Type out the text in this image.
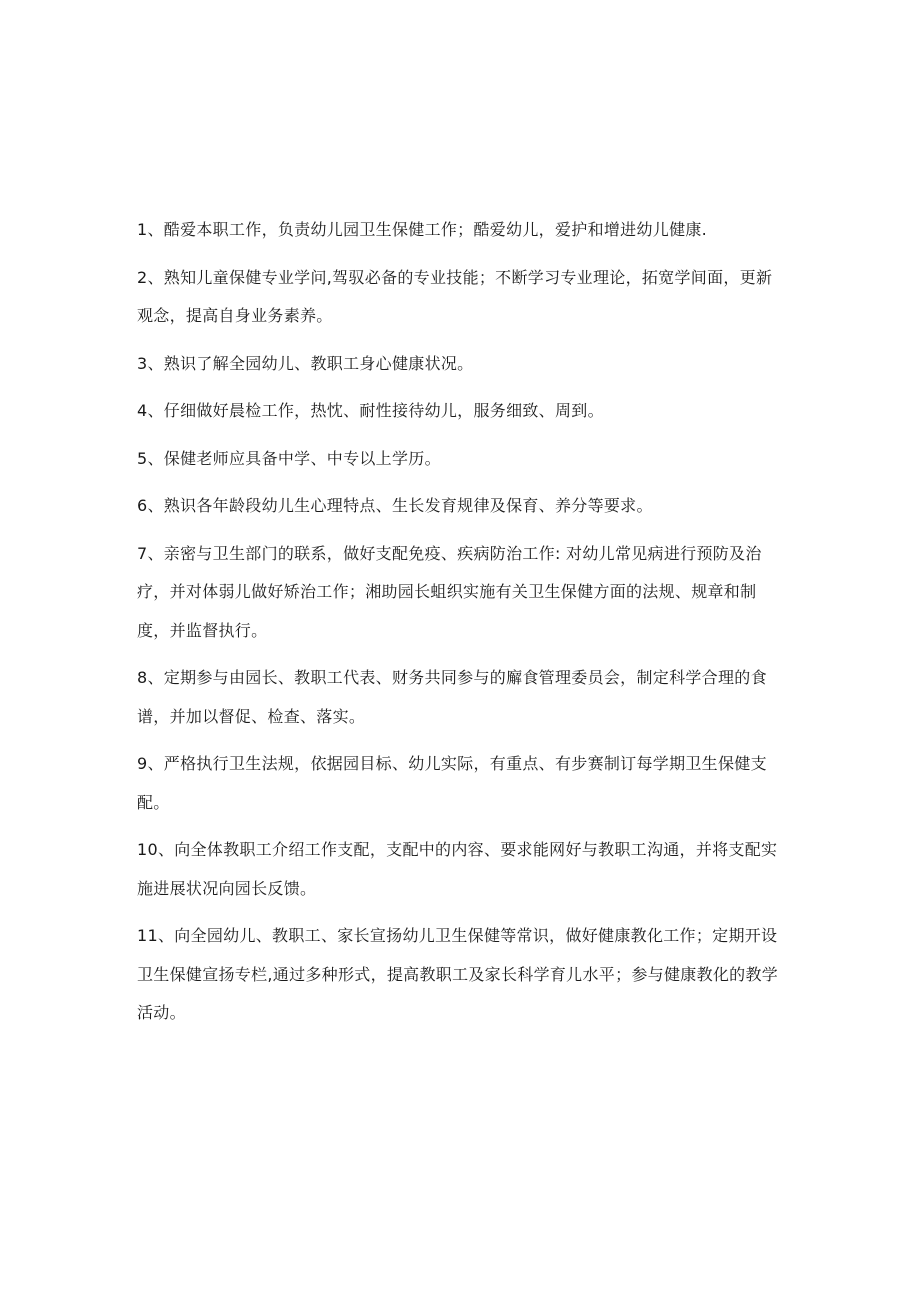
1、酷爱本职工作，负责幼儿园卫生保健工作；酷爱幼儿，爱护和增进幼儿健康.

2、熟知儿童保健专业学问,驾驭必备的专业技能；不断学习专业理论，拓宽学间面，更新观念，提高自身业务素养。

3、熟识了解全园幼儿、教职工身心健康状况。

4、仔细做好晨检工作，热忱、耐性接待幼儿，服务细致、周到。

5、保健老师应具备中学、中专以上学历。

6、熟识各年龄段幼儿生心理特点、生长发育规律及保育、养分等要求。

7、亲密与卫生部门的联系，做好支配免疫、疾病防治工作: 对幼儿常见病进行预防及治疗，并对体弱儿做好矫治工作；湘助园长蛆织实施有关卫生保健方面的法规、规章和制度，并监督执行。

8、定期参与由园长、教职工代表、财务共同参与的廨食管理委员会，制定科学合理的食谱，并加以督促、检查、落实。

9、严格执行卫生法规，依据园目标、幼儿实际，有重点、有步赛制订每学期卫生保健支配。

10、向全体教职工介绍工作支配，支配中的内容、要求能网好与教职工沟通，并将支配实施进展状况向园长反馈。

11、向全园幼儿、教职工、家长宣扬幼儿卫生保健等常识，做好健康教化工作；定期开设卫生保健宣扬专栏,通过多种形式，提高教职工及家长科学育儿水平；参与健康教化的教学活动。
